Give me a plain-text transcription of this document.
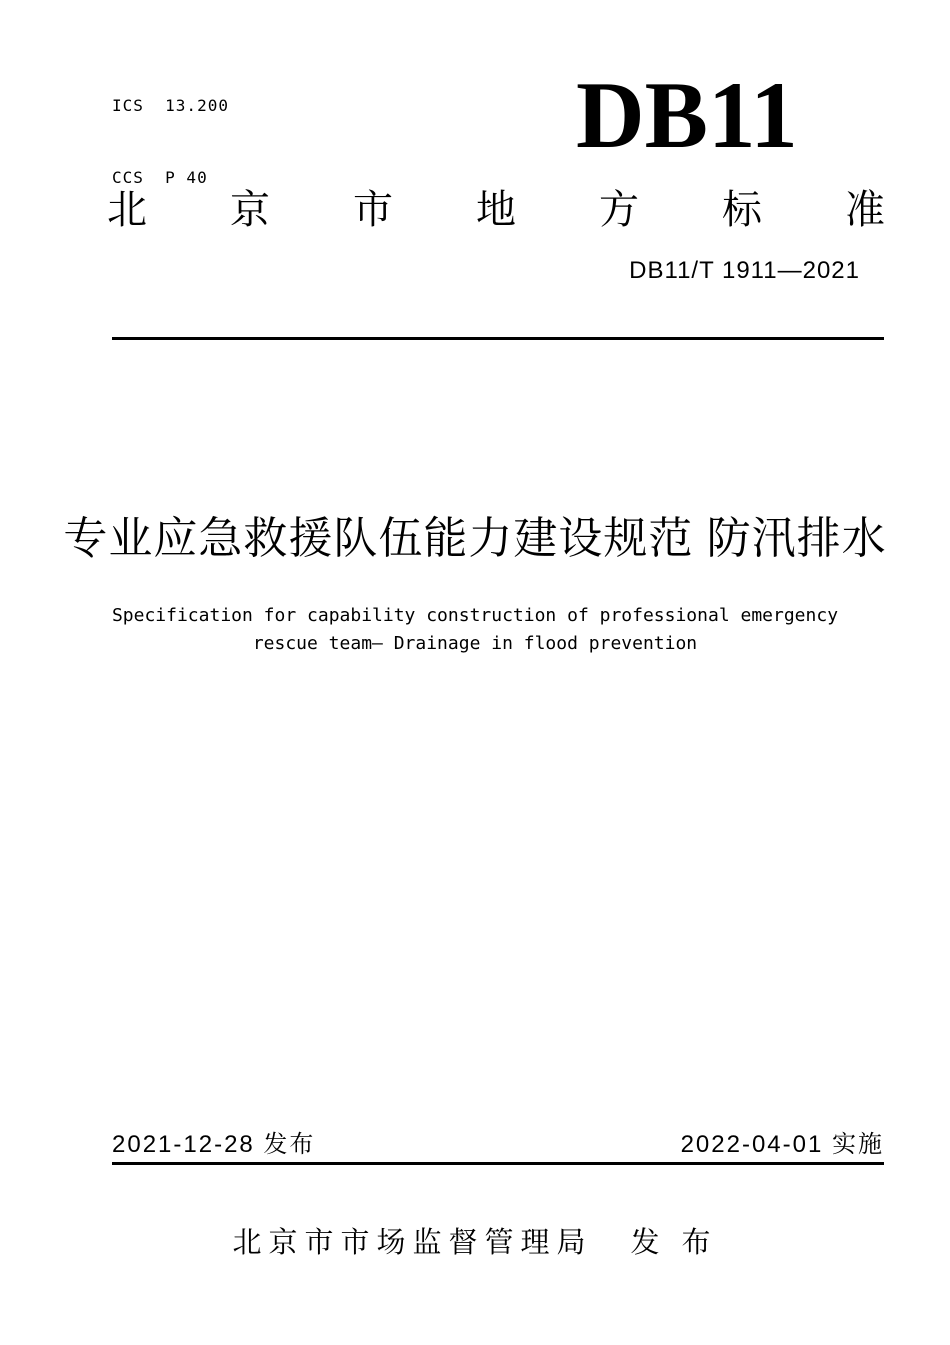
ICS  13.200

CCS  P 40

DB11
北 京 市 地 方 标 准
DB11/T 1911—2021
专业应急救援队伍能力建设规范 防汛排水
Specification for capability construction of professional emergency
rescue team— Drainage in flood prevention
2021-12-28 发布	2022-04-01 实施
北京市市场监督管理局 发 布
